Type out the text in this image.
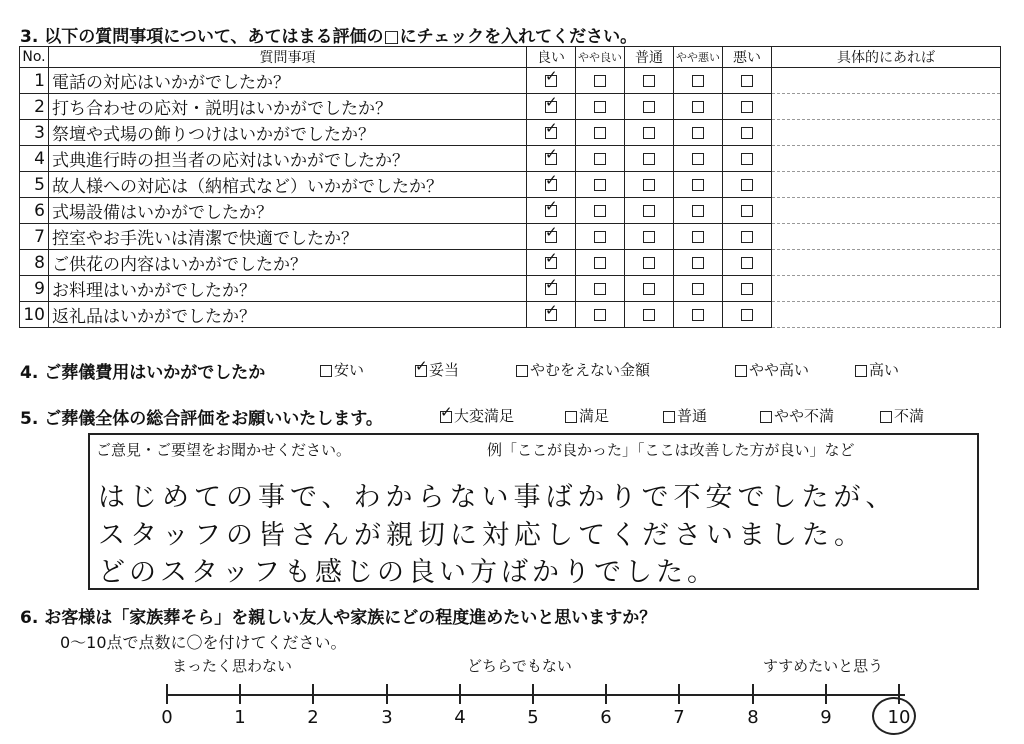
3. 以下の質問事項について、あてはまる評価の□にチェックを入れてください。
No.	質問事項	良い	やや良い	普通	やや悪い	悪い	具体的にあれば
1	電話の対応はいかがでしたか？	✓					
2	打ち合わせの応対・説明はいかがでしたか？	✓					
3	祭壇や式場の飾りつけはいかがでしたか？	✓					
4	式典進行時の担当者の応対はいかがでしたか？	✓					
5	故人様への対応は（納棺式など）いかがでしたか？	✓					
6	式場設備はいかがでしたか？	✓					
7	控室やお手洗いは清潔で快適でしたか？	✓					
8	ご供花の内容はいかがでしたか？	✓					
9	お料理はいかがでしたか？	✓					
10	返礼品はいかがでしたか？	✓					
4. ご葬儀費用はいかがでしたか	安い ✓	妥当	やむをえない金額	やや高い	高い
5. ご葬儀全体の総合評価をお願いいたします。 ✓	大変満足	満足	普通	やや不満	不満
ご意見・ご要望をお聞かせください。	例「ここが良かった」「ここは改善した方が良い」など
はじめての事で、わからない事ばかりで不安でしたが、
スタッフの皆さんが親切に対応してくださいました。
どのスタッフも感じの良い方ばかりでした。
6. お客様は「家族葬そら」を親しい友人や家族にどの程度進めたいと思いますか？
0〜10点で点数に〇を付けてください。
まったく思わない	どちらでもない	すすめたいと思う
0	1	2	3	4	5	6	7	8	9	10
